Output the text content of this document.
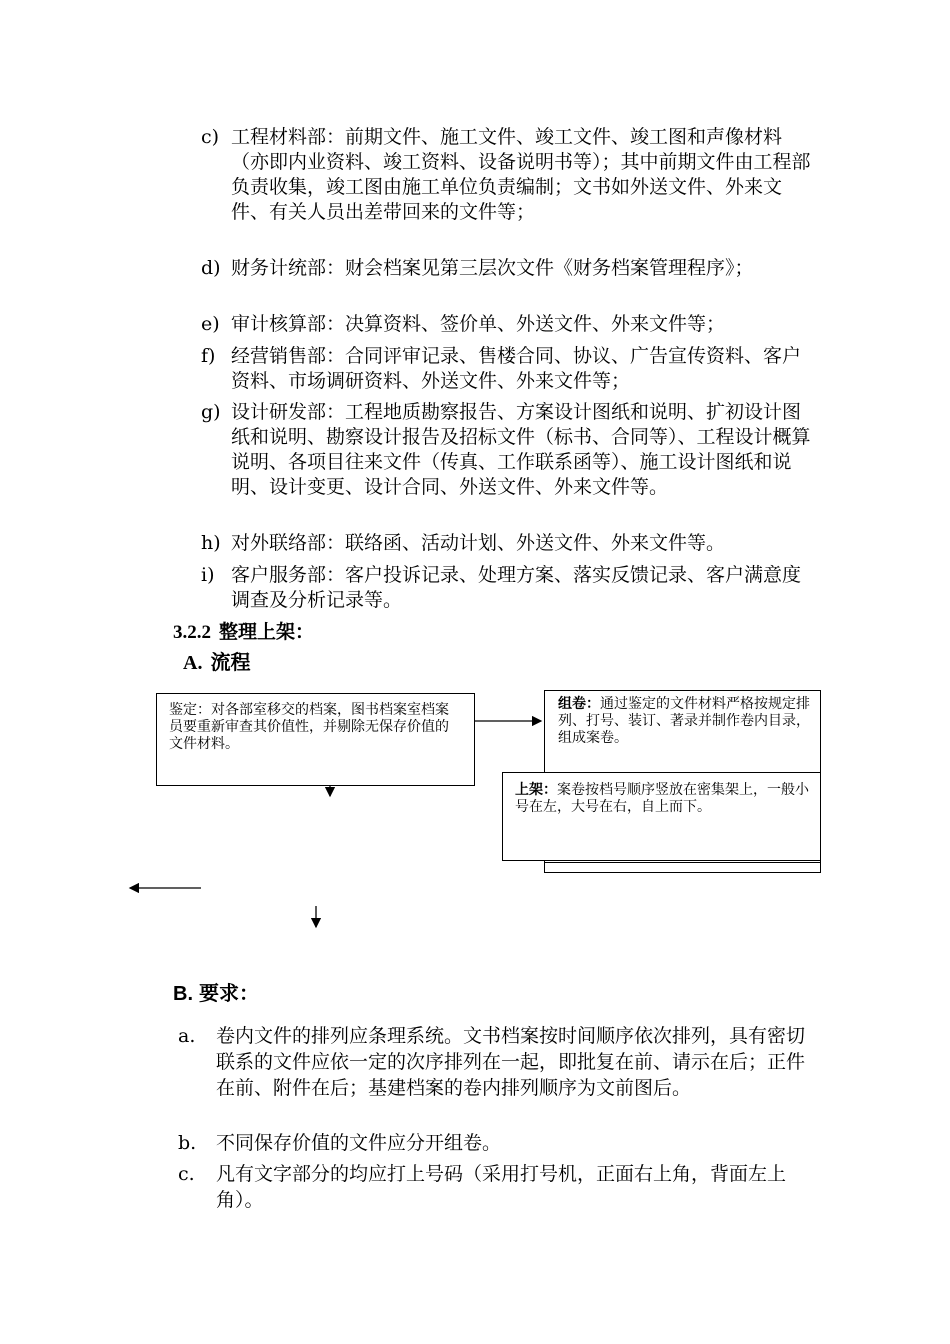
c) 工程材料部：前期文件、施工文件、竣工文件、竣工图和声像材料（亦即内业资料、竣工资料、设备说明书等）；其中前期文件由工程部负责收集，竣工图由施工单位负责编制；文书如外送文件、外来文件、有关人员出差带回来的文件等；
d) 财务计统部：财会档案见第三层次文件《财务档案管理程序》；
e) 审计核算部：决算资料、签价单、外送文件、外来文件等；
f) 经营销售部：合同评审记录、售楼合同、协议、广告宣传资料、客户资料、市场调研资料、外送文件、外来文件等；
g) 设计研发部：工程地质勘察报告、方案设计图纸和说明、扩初设计图纸和说明、勘察设计报告及招标文件（标书、合同等）、工程设计概算说明、各项目往来文件（传真、工作联系函等）、施工设计图纸和说明、设计变更、设计合同、外送文件、外来文件等。
h) 对外联络部：联络函、活动计划、外送文件、外来文件等。
i) 客户服务部：客户投诉记录、处理方案、落实反馈记录、客户满意度调查及分析记录等。
3.2.2 整理上架：
A. 流程
鉴定：对各部室移交的档案，图书档案室档案员要重新审查其价值性，并剔除无保存价值的文件材料。
组卷：通过鉴定的文件材料严格按规定排列、打号、装订、著录并制作卷内目录，组成案卷。
上架：案卷按档号顺序竖放在密集架上，一般小号在左，大号在右，自上而下。
B. 要求：
a.	卷内文件的排列应条理系统。文书档案按时间顺序依次排列，具有密切联系的文件应依一定的次序排列在一起，即批复在前、请示在后；正件在前、附件在后；基建档案的卷内排列顺序为文前图后。
b.	不同保存价值的文件应分开组卷。
c.	凡有文字部分的均应打上号码（采用打号机，正面右上角，背面左上角）。
